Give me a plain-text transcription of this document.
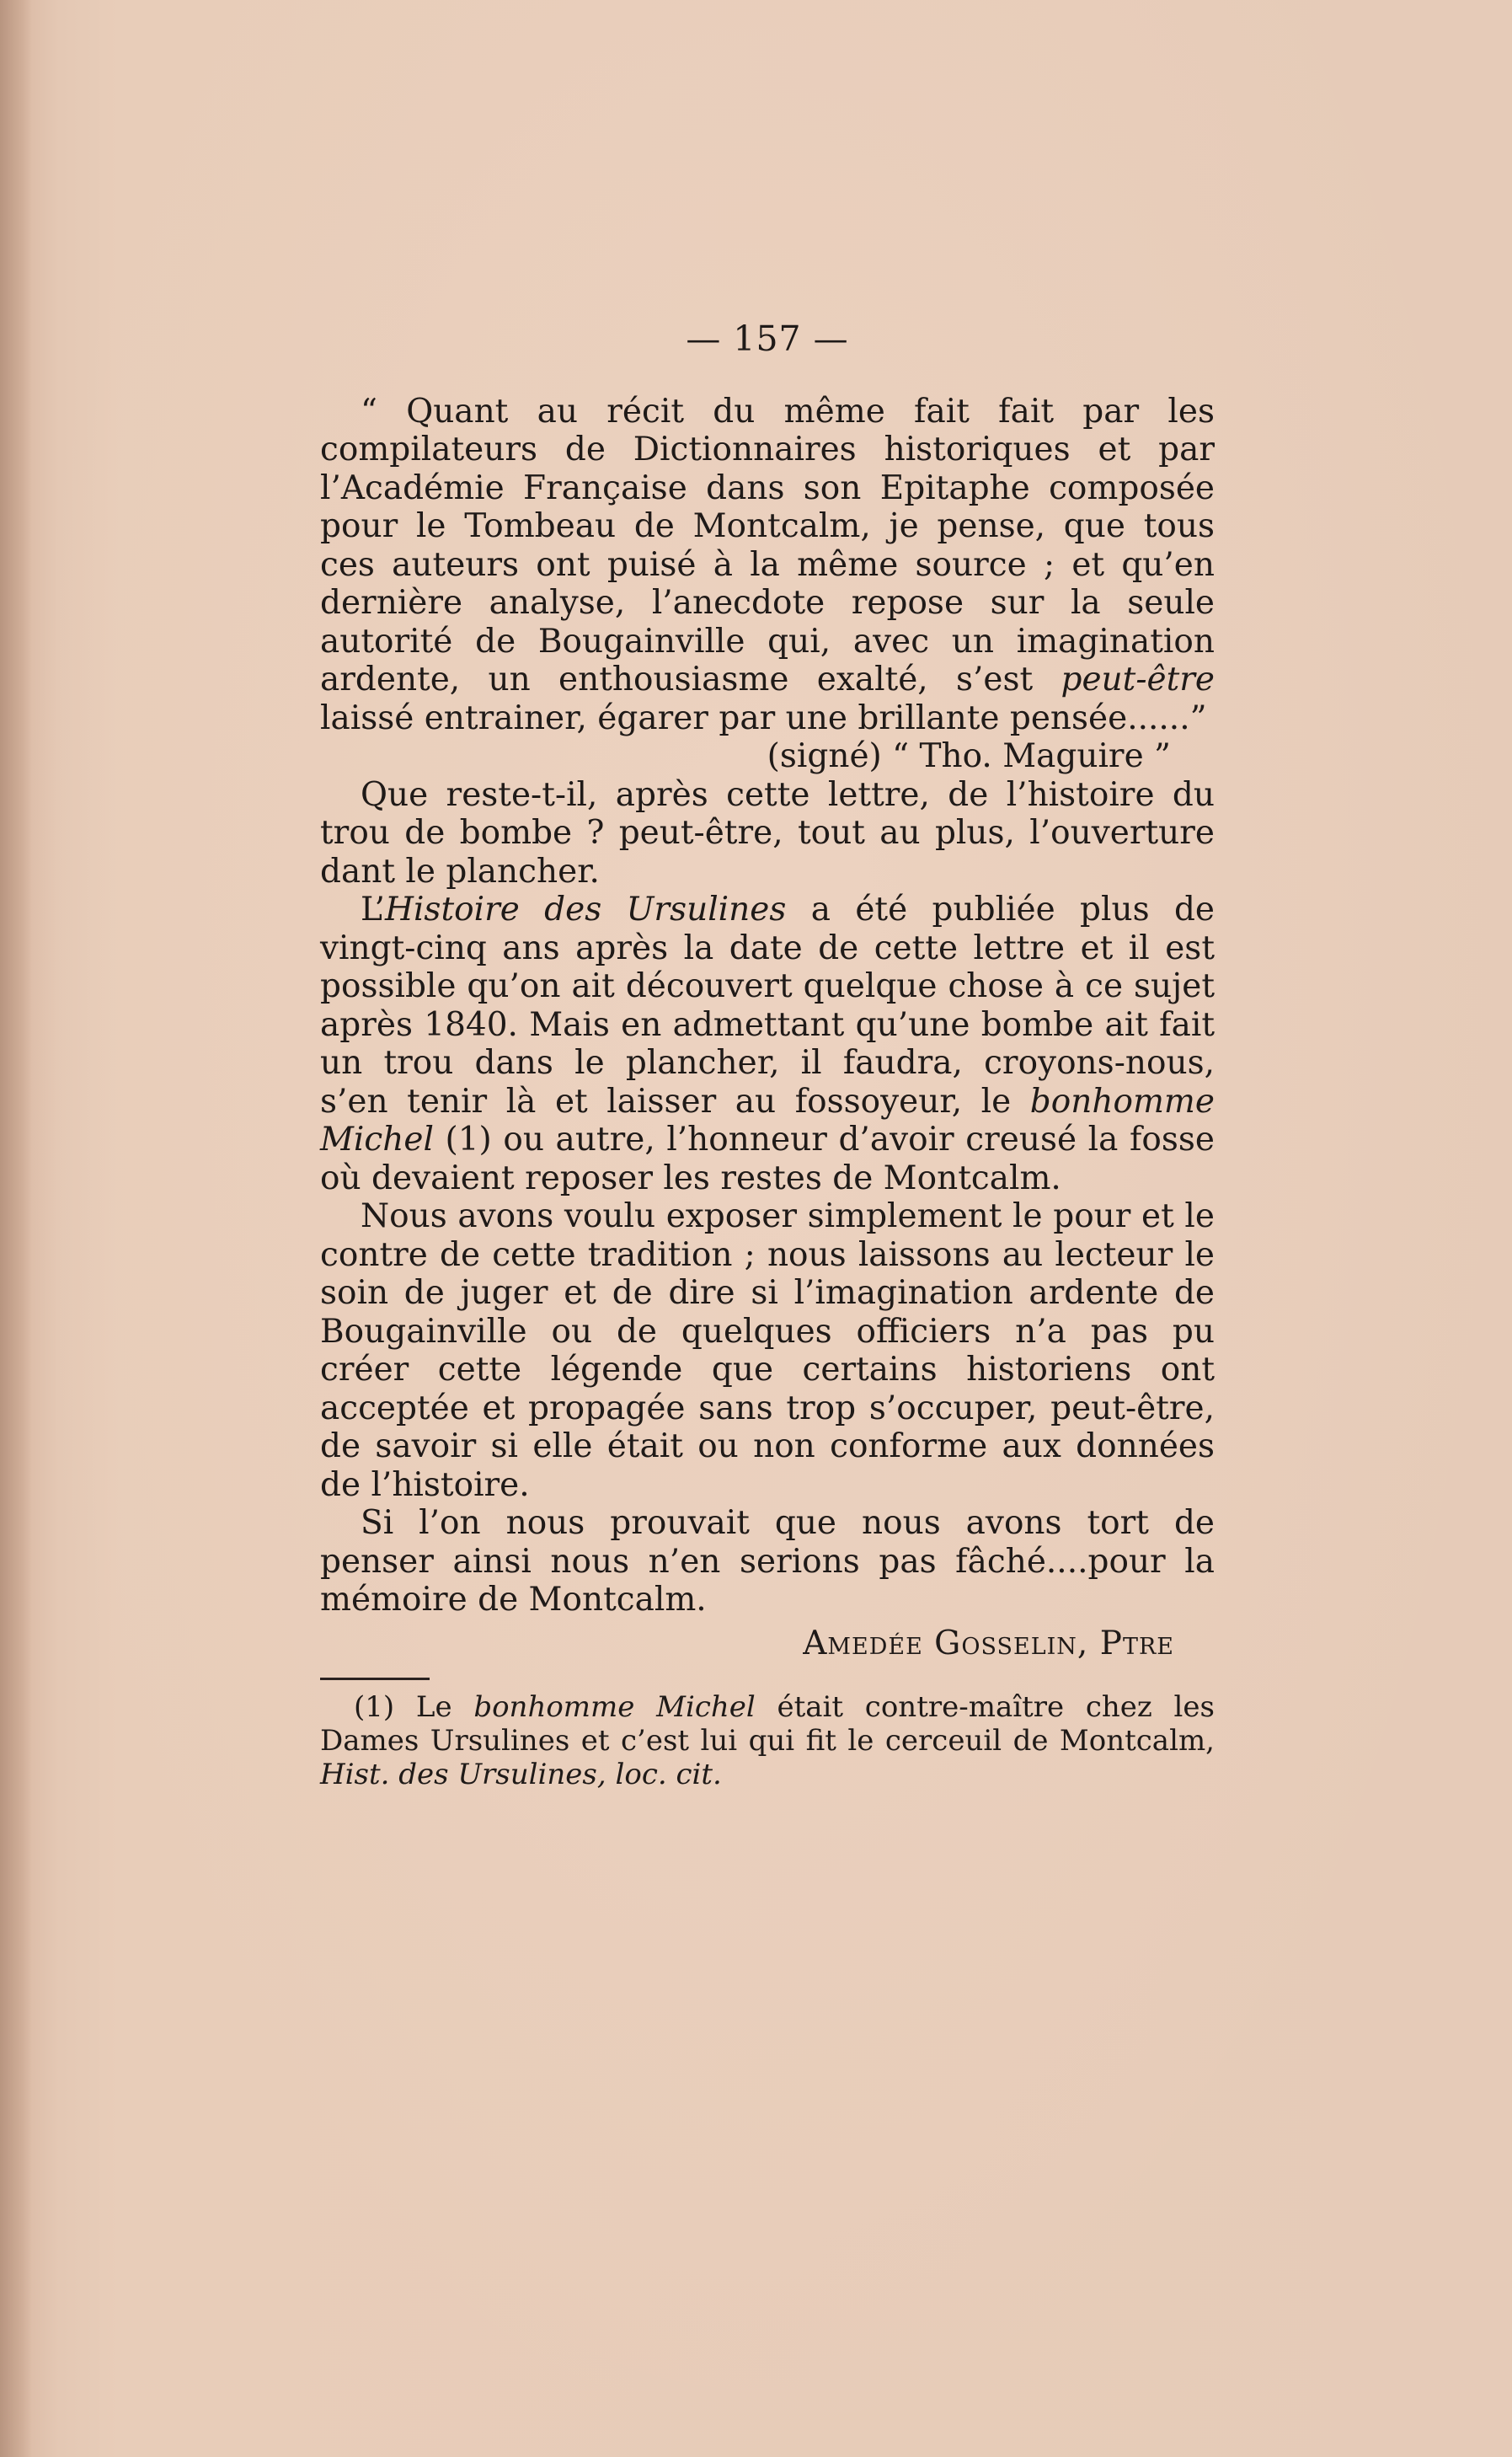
— 157 —

“ Quant au récit du même fait fait par les compilateurs de Dictionnaires historiques et par l’Académie Française dans son Epitaphe composée pour le Tombeau de Montcalm, je pense, que tous ces auteurs ont puisé à la même source ; et qu’en dernière analyse, l’anecdote repose sur la seule autorité de Bougainville qui, avec un imagination ardente, un enthousiasme exalté, s’est peut-être laissé entrainer, égarer par une brillante pensée......”

(signé) “ Tho. Maguire ”

Que reste-t-il, après cette lettre, de l’histoire du trou de bombe ? peut-être, tout au plus, l’ouverture dant le plancher.

L’Histoire des Ursulines a été publiée plus de vingt-cinq ans après la date de cette lettre et il est possible qu’on ait découvert quelque chose à ce sujet après 1840. Mais en admettant qu’une bombe ait fait un trou dans le plancher, il faudra, croyons-nous, s’en tenir là et laisser au fossoyeur, le bonhomme Michel (1) ou autre, l’honneur d’avoir creusé la fosse où devaient reposer les restes de Montcalm.

Nous avons voulu exposer simplement le pour et le contre de cette tradition ; nous laissons au lecteur le soin de juger et de dire si l’imagination ardente de Bougainville ou de quelques officiers n’a pas pu créer cette légende que certains historiens ont acceptée et propagée sans trop s’occuper, peut-être, de savoir si elle était ou non conforme aux données de l’histoire.

Si l’on nous prouvait que nous avons tort de penser ainsi nous n’en serions pas fâché....pour la mémoire de Montcalm.

Amedée Gosselin, Ptre

(1) Le bonhomme Michel était contre-maître chez les Dames Ursulines et c’est lui qui fit le cerceuil de Montcalm, Hist. des Ursulines, loc. cit.
